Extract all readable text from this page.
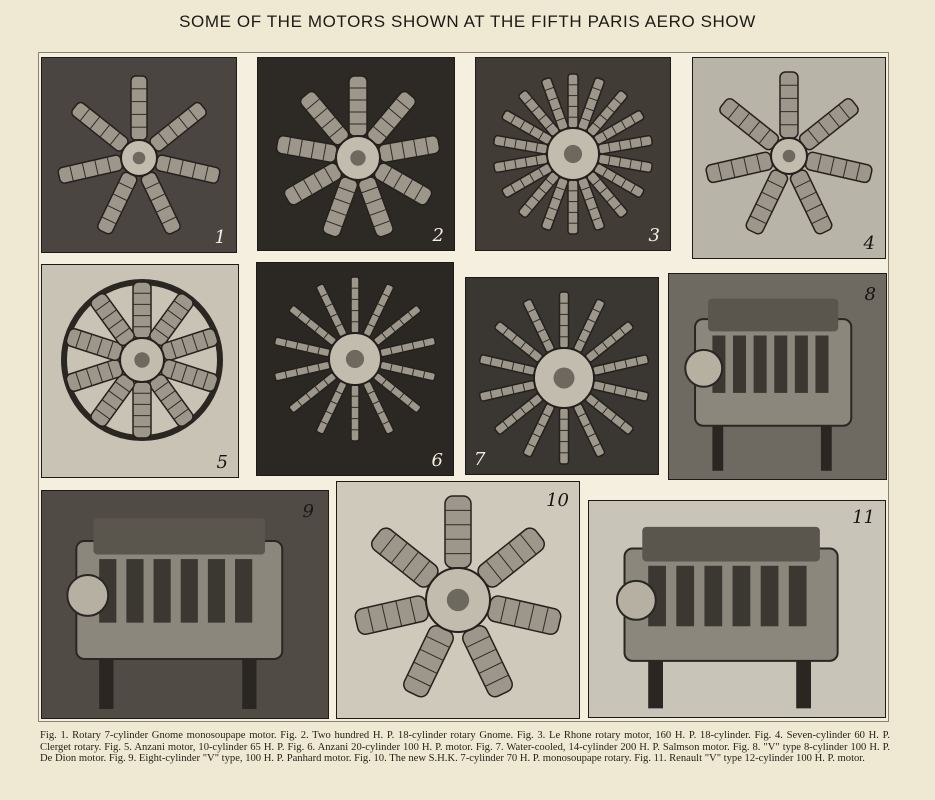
SOME OF THE MOTORS SHOWN AT THE FIFTH PARIS AERO SHOW
1	2	3	4
5	6 7
8
9
10
11
Fig. 1. Rotary 7-cylinder Gnome monosoupape motor. Fig. 2. Two hundred H. P. 18-cylinder rotary Gnome. Fig. 3. Le Rhone rotary motor, 160 H. P. 18-cylinder. Fig. 4. Seven-cylinder 60 H. P. Clerget rotary. Fig. 5. Anzani motor, 10-cylinder 65 H. P. Fig. 6. Anzani 20-cylinder 100 H. P. motor. Fig. 7. Water-cooled, 14-cylinder 200 H. P. Salmson motor. Fig. 8. "V" type 8-cylinder 100 H. P. De Dion motor. Fig. 9. Eight-cylinder "V" type, 100 H. P. Panhard motor. Fig. 10. The new S.H.K. 7-cylinder 70 H. P. monosoupape rotary. Fig. 11. Renault "V" type 12-cylinder 100 H. P. motor.
